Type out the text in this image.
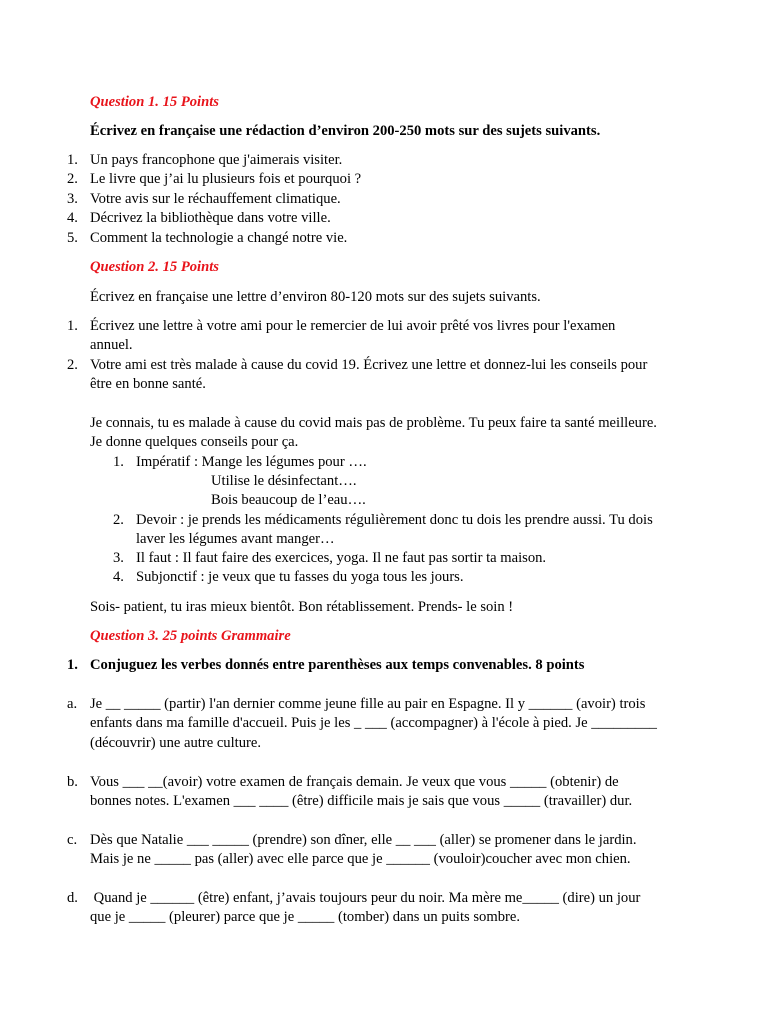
Question 1. 15 Points
Écrivez en française une rédaction d’environ 200-250 mots sur des sujets suivants.
1. Un pays francophone que j'aimerais visiter.
2. Le livre que j’ai lu plusieurs fois et pourquoi ?
3. Votre avis sur le réchauffement climatique.
4. Décrivez la bibliothèque dans votre ville.
5. Comment la technologie a changé notre vie.
Question 2. 15 Points
Écrivez en françaisе une lettre d’environ 80-120 mots sur des sujets suivants.
1. Écrivez une lettre à votre ami pour le remercier de lui avoir prêté vos livres pour l'examen
annuel.
2. Votre ami est très malade à cause du covid 19. Écrivez une lettre et donnez-lui les conseils pour
être en bonne santé.
Je connais, tu es malade à cause du covid mais pas de problème. Tu peux faire ta santé meilleure.
Je donne quelques conseils pour ça.
1. Impératif : Mange les légumes pour ….
Utilise le désinfectant….
Bois beaucoup de l’eau….
2. Devoir : je prends les médicaments régulièrement donc tu dois les prendre aussi. Tu dois
laver les légumes avant manger…
3. Il faut : Il faut faire des exercices, yoga. Il ne faut pas sortir ta maison.
4. Subjonctif : je veux que tu fasses du yoga tous les jours.
Sois- patient, tu iras mieux bientôt. Bon rétablissement. Prends- le soin !
Question 3. 25 points Grammaire
1. Conjuguez les verbes donnés entre parenthèses aux temps convenables. 8 points
a. Je __ _____ (partir) l'an dernier comme jeune fille au pair en Espagne. Il y ______ (avoir) trois
enfants dans ma famille d'accueil. Puis je les _ ___ (accompagner) à l'école à pied. Je _________
(découvrir) une autre culture.
b. Vous ___ __(avoir) votre examen de français demain. Je veux que vous _____ (obtenir) de
bonnes notes. L'examen ___ ____ (être) difficile mais je sais que vous _____ (travailler) dur.
c. Dès que Natalie ___ _____ (prendre) son dîner, elle __ ___ (aller) se promener dans le jardin.
Mais je ne _____ pas (aller) avec elle parce que je ______ (vouloir)coucher avec mon chien.
d. Quand je ______ (être) enfant, j’avais toujours peur du noir. Ma mère me_____ (dire) un jour
que je _____ (pleurer) parce que je _____ (tomber) dans un puits sombre.
